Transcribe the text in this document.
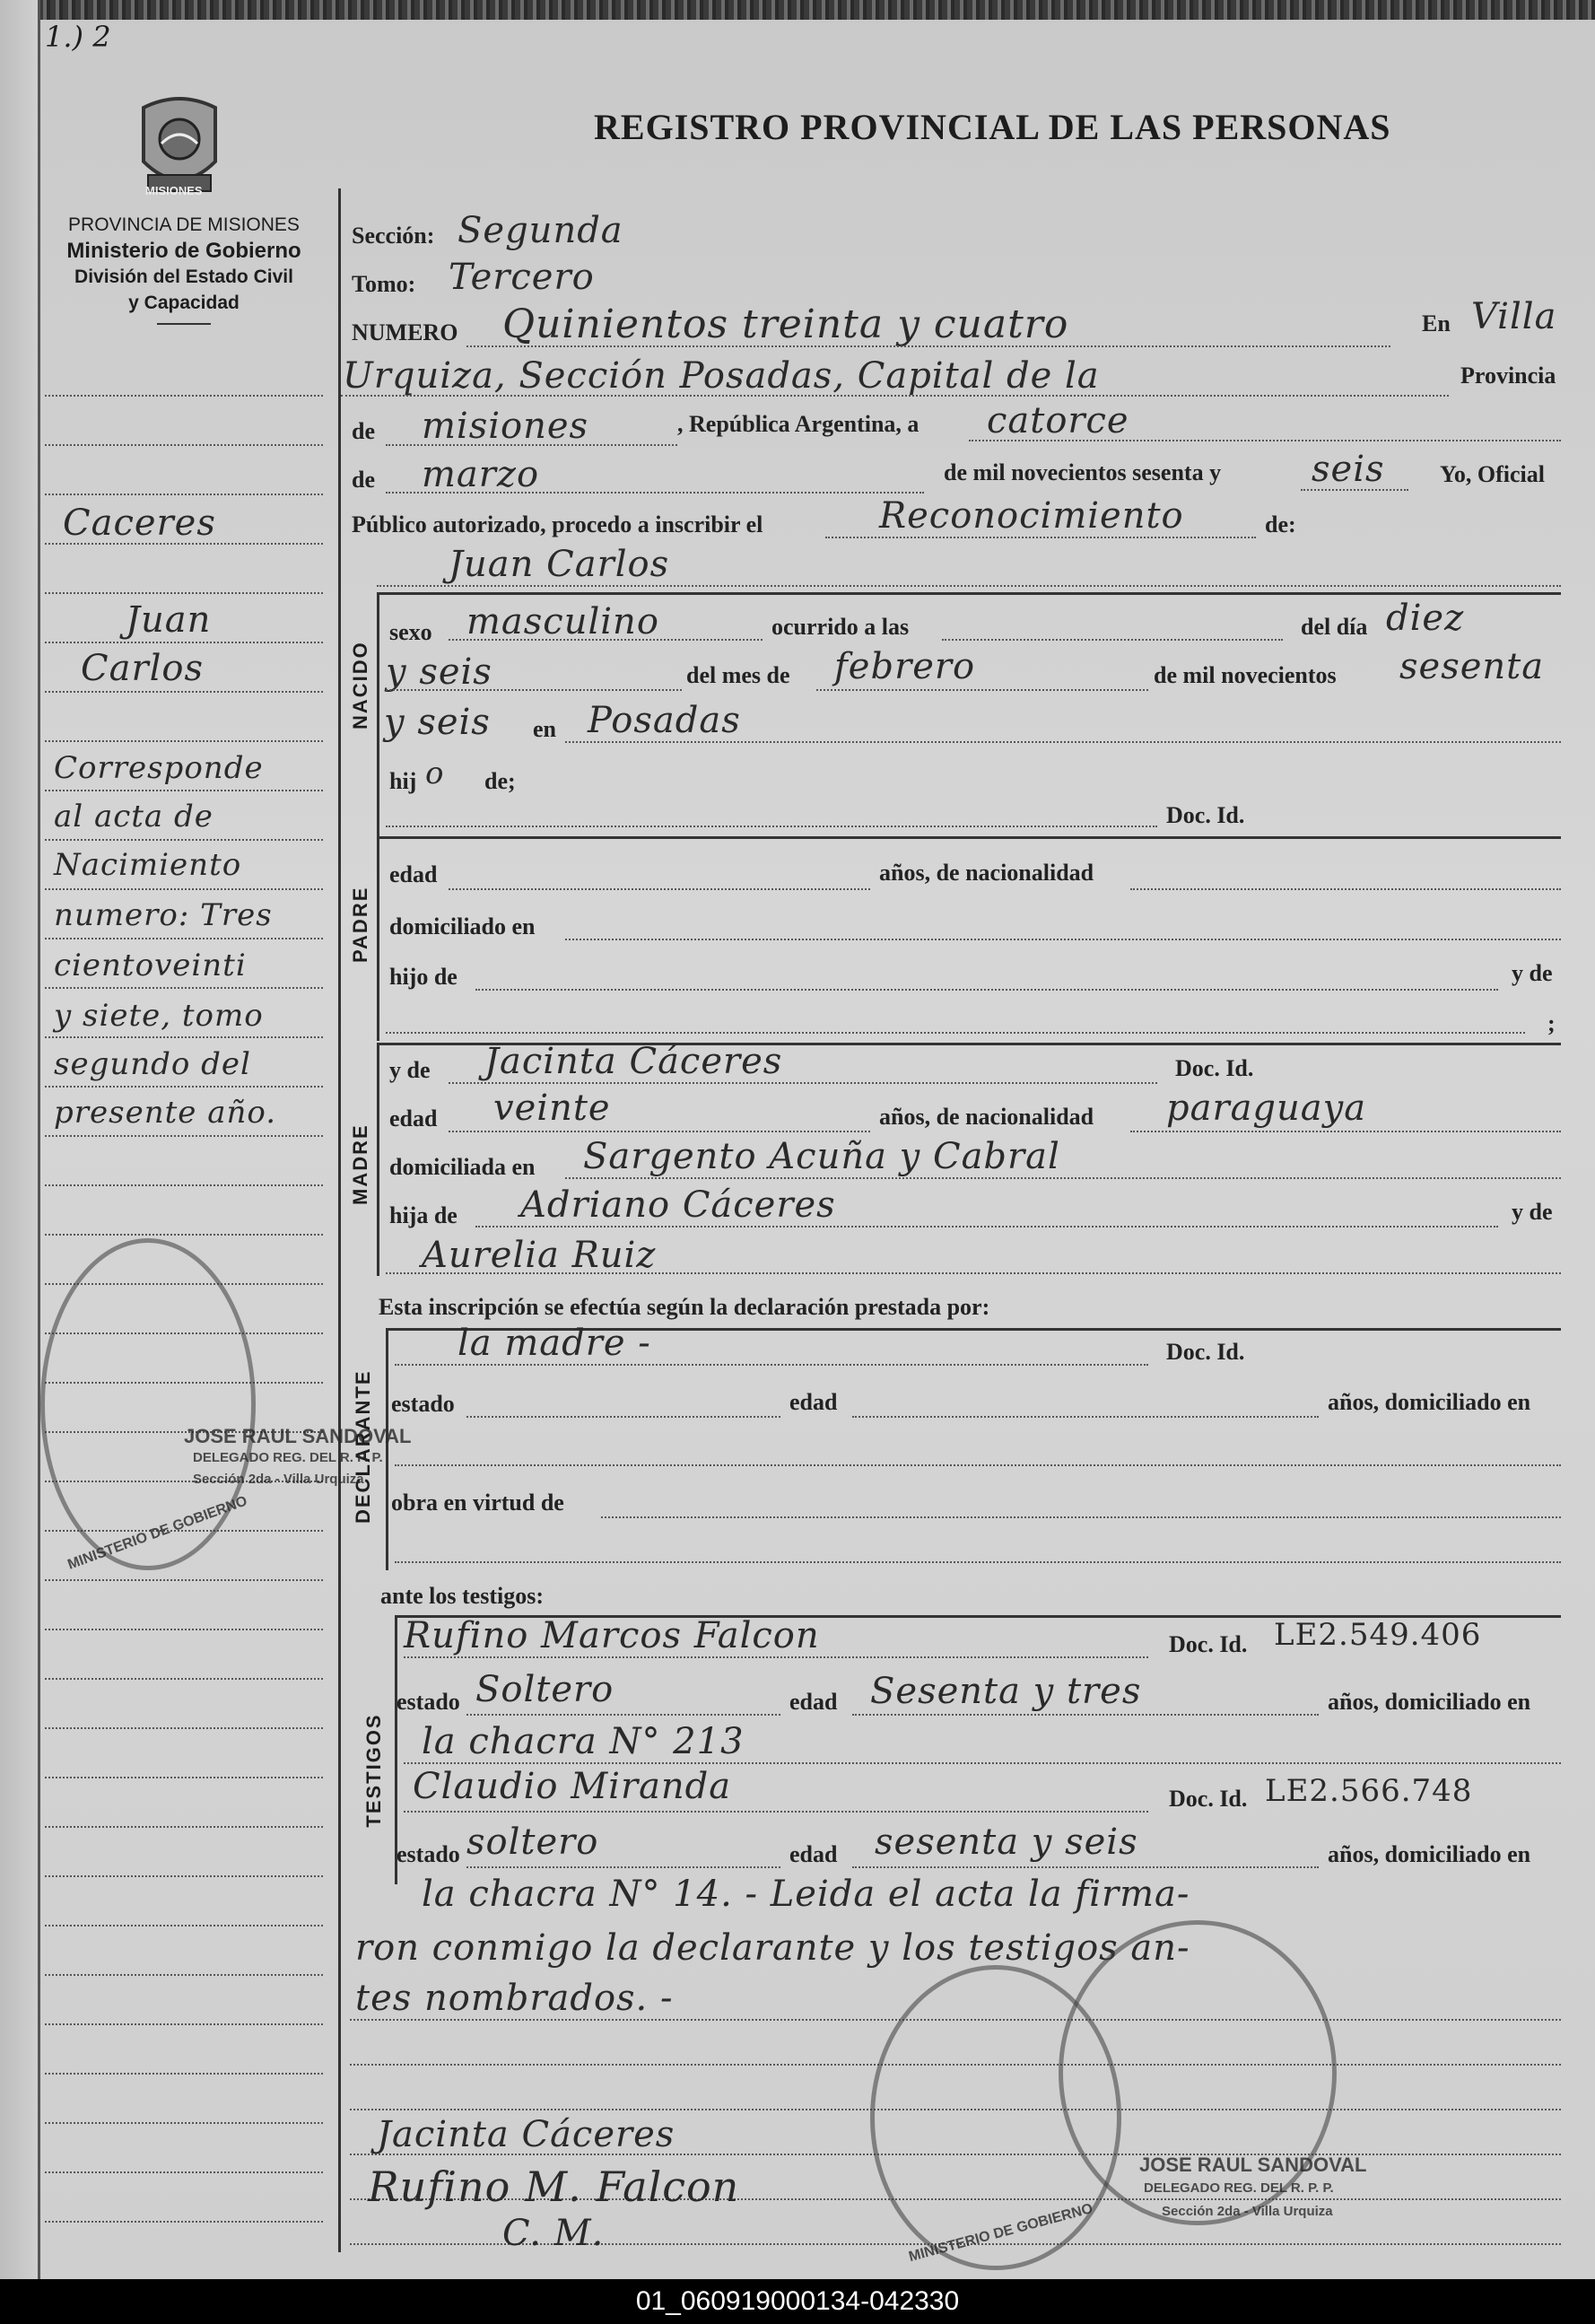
1.) 2
MISIONES
REGISTRO PROVINCIAL DE LAS PERSONAS
PROVINCIA DE MISIONES
Ministerio de Gobierno
División del Estado Civil
y Capacidad
Caceres
Juan
Carlos
Corresponde
al acta de
Nacimiento
numero: Tres
cientoveinti
y siete, tomo
segundo del
presente año.
Sección: Segunda
Tomo: Tercero
NUMERO Quinientos treinta y cuatro	En Villa
Urquiza, Sección Posadas, Capital de la	Provincia
de misiones	, República Argentina, a catorce
de marzo	de mil novecientos sesenta y	seis Yo, Oficial
Público autorizado, procedo a inscribir el	Reconocimiento	de:
Juan Carlos
NACIDO
sexo masculino	ocurrido a las	del día diez
y seis	del mes de febrero	de mil novecientos sesenta
y seis en Posadas
hij o de;
Doc. Id.
PADRE
edad	años, de nacionalidad
domiciliado en
hijo de	y de
;
MADRE
y de Jacinta Cáceres	Doc. Id.
edad veinte	años, de nacionalidad paraguaya
domiciliada en Sargento Acuña y Cabral
hija de Adriano Cáceres	y de
Aurelia Ruiz
Esta inscripción se efectúa según la declaración prestada por:
DECLARANTE
la madre -	Doc. Id.
estado	edad	años, domiciliado en
obra en virtud de
ante los testigos:
TESTIGOS
Rufino Marcos Falcon	Doc. Id. LE2.549.406
estado Soltero	edad Sesenta y tres	años, domiciliado en
la chacra N° 213
Claudio Miranda	Doc. Id. LE2.566.748
estado soltero	edad sesenta y seis	años, domiciliado en
la chacra N° 14. - Leida el acta la firma-
ron conmigo la declarante y los testigos an-
tes nombrados. -
Jacinta Cáceres
Rufino M. Falcon
C. M.
MINISTERIO DE GOBIERNO
JOSE RAUL SANDOVAL
DELEGADO REG. DEL R. P. P.
Sección 2da - Villa Urquiza
MINISTERIO DE GOBIERNO
JOSE RAUL SANDOVAL
DELEGADO REG. DEL R. P. P.
Sección 2da - Villa Urquiza
01_060919000134-042330
